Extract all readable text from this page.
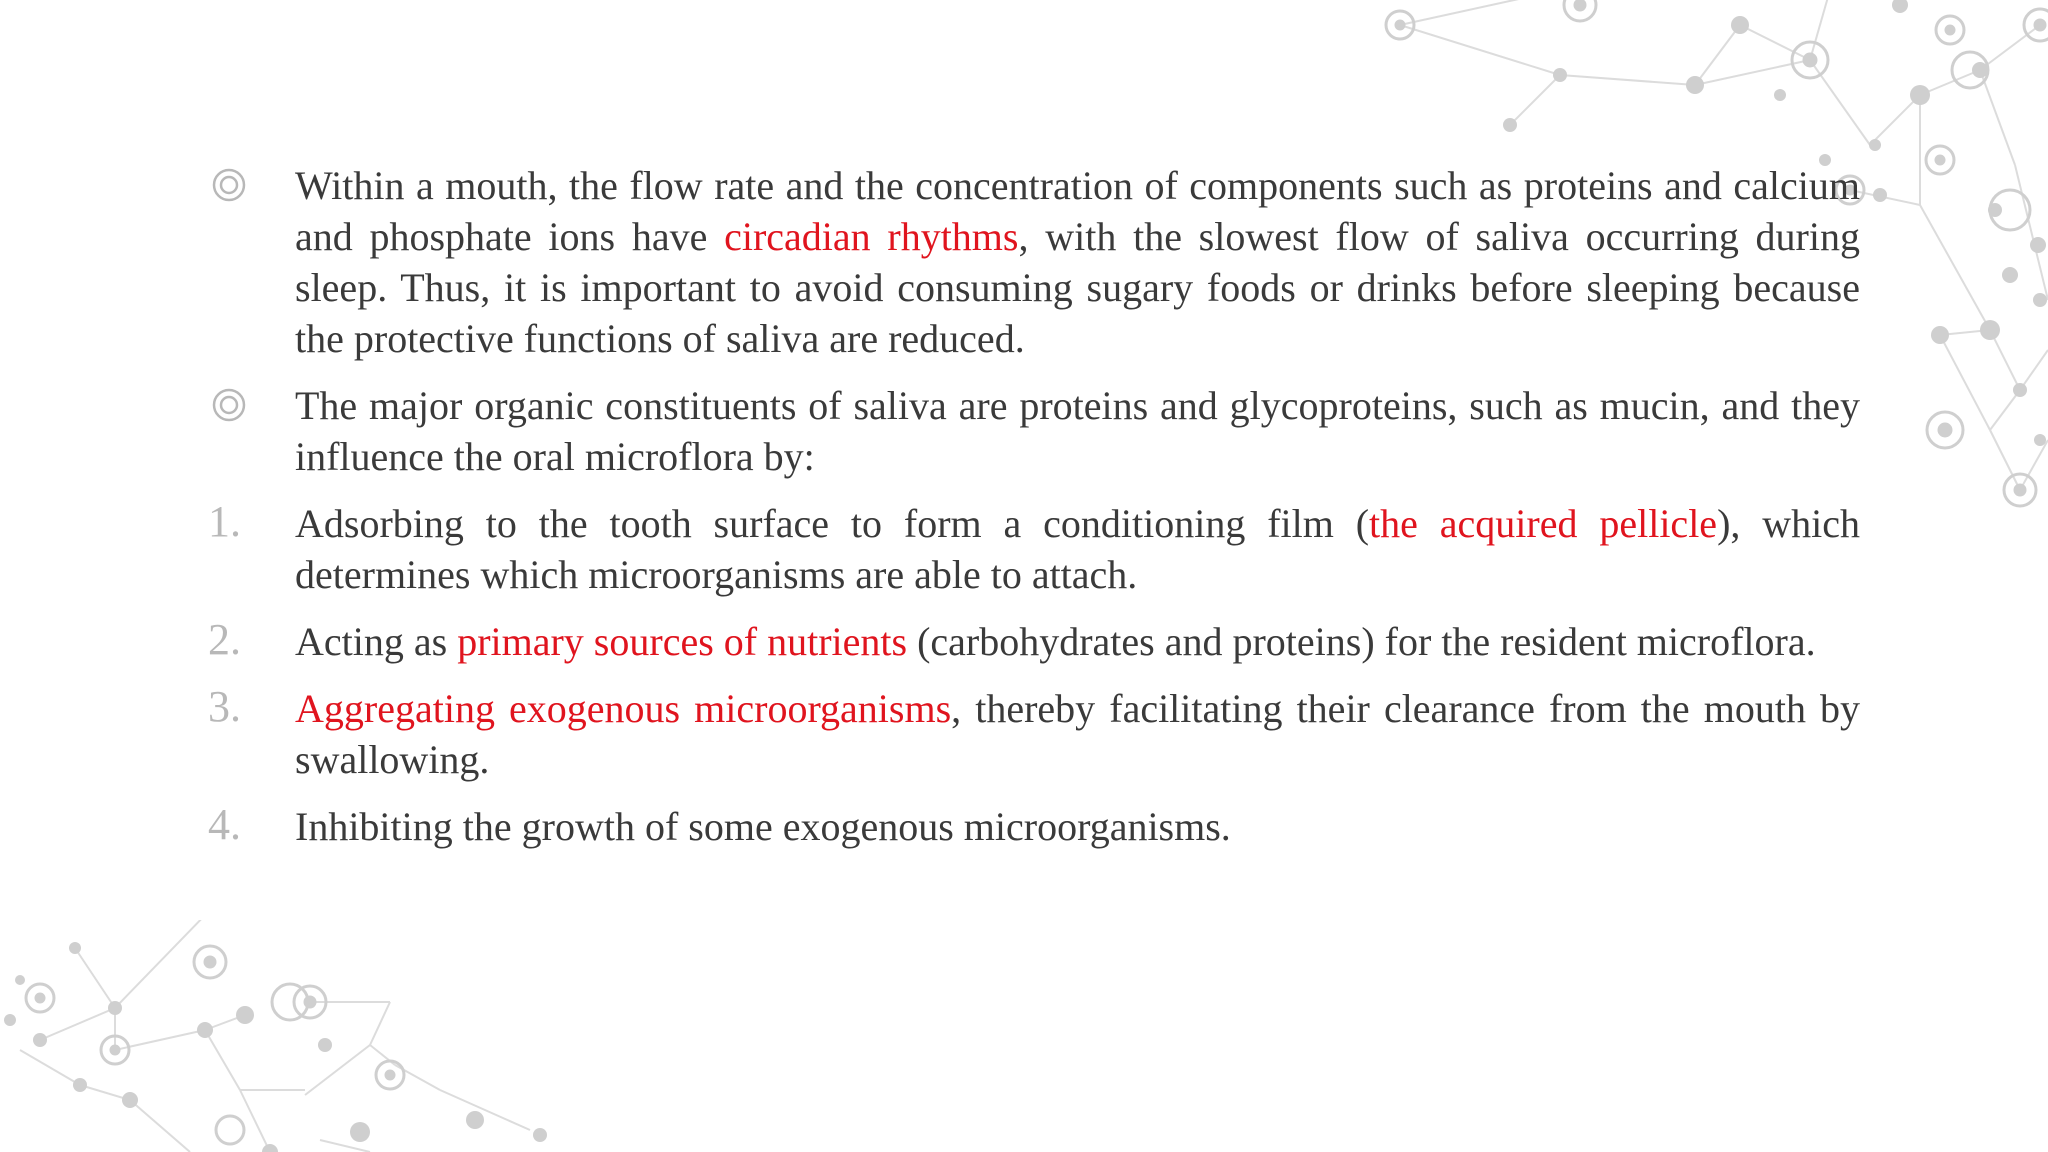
Within a mouth, the flow rate and the concentration of components such as proteins and calcium and phosphate ions have circadian rhythms, with the slowest flow of saliva occurring during sleep. Thus, it is important to avoid consuming sugary foods or drinks before sleeping because the protective functions of saliva are reduced.
The major organic constituents of saliva are proteins and glycoproteins, such as mucin, and they influence the oral microflora by:
1. Adsorbing to the tooth surface to form a conditioning film (the acquired pellicle), which determines which microorganisms are able to attach.
2. Acting as primary sources of nutrients (carbohydrates and proteins) for the resident microflora.
3. Aggregating exogenous microorganisms, thereby facilitating their clearance from the mouth by swallowing.
4. Inhibiting the growth of some exogenous microorganisms.
